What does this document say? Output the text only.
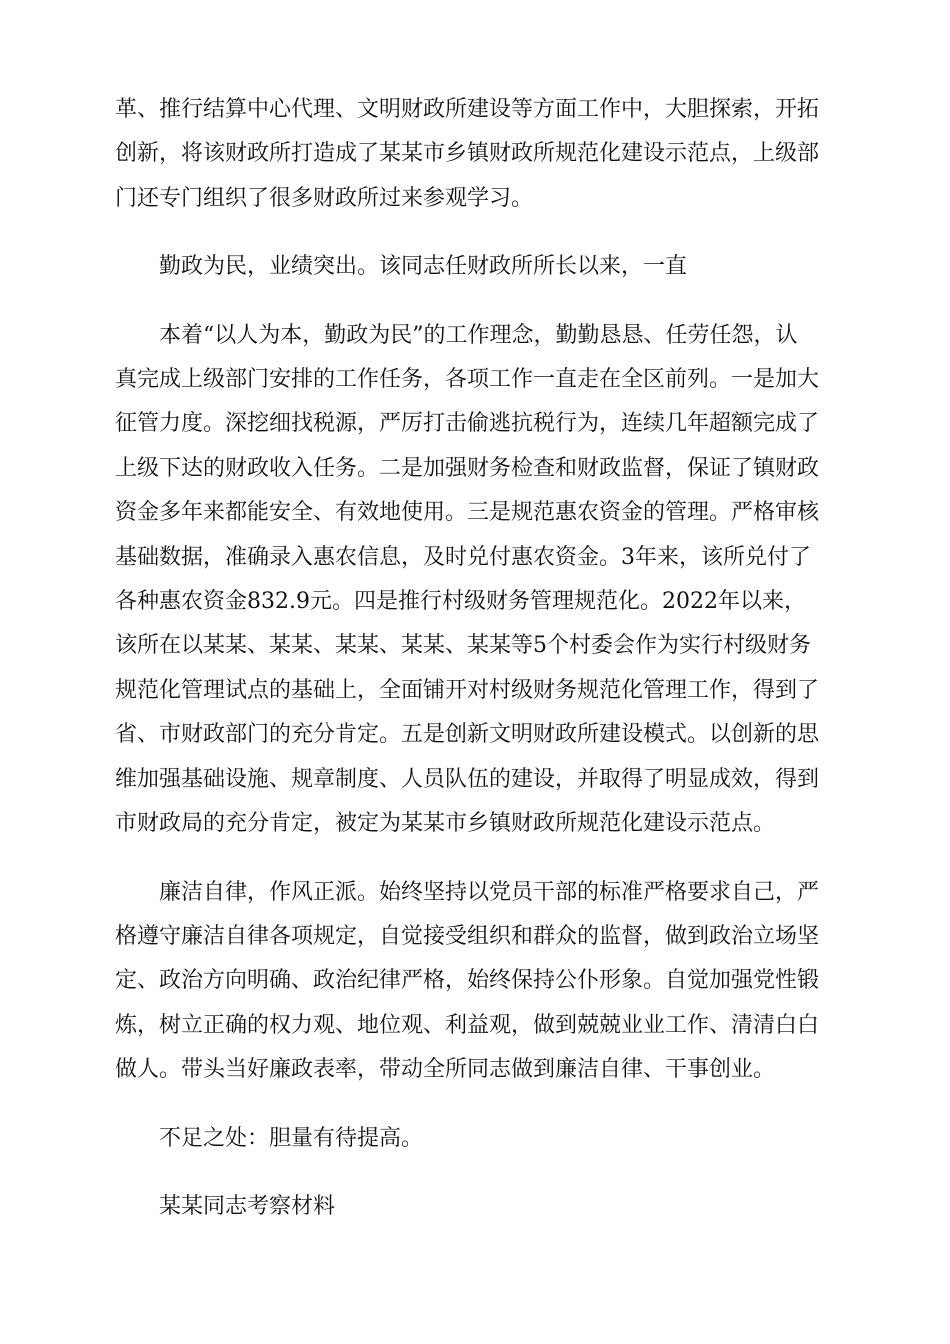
革、推行结算中心代理、文明财政所建设等方面工作中，大胆探索，开拓
创新，将该财政所打造成了某某市乡镇财政所规范化建设示范点，上级部
门还专门组织了很多财政所过来参观学习。
勤政为民，业绩突出。该同志任财政所所长以来，一直
本着“以人为本，勤政为民”的工作理念，勤勤恳恳、任劳任怨，认
真完成上级部门安排的工作任务，各项工作一直走在全区前列。一是加大
征管力度。深挖细找税源，严厉打击偷逃抗税行为，连续几年超额完成了
上级下达的财政收入任务。二是加强财务检查和财政监督，保证了镇财政
资金多年来都能安全、有效地使用。三是规范惠农资金的管理。严格审核
基础数据，准确录入惠农信息，及时兑付惠农资金。3年来，该所兑付了
各种惠农资金832.9元。四是推行村级财务管理规范化。2022年以来，
该所在以某某、某某、某某、某某、某某等5个村委会作为实行村级财务
规范化管理试点的基础上，全面铺开对村级财务规范化管理工作，得到了
省、市财政部门的充分肯定。五是创新文明财政所建设模式。以创新的思
维加强基础设施、规章制度、人员队伍的建设，并取得了明显成效，得到
市财政局的充分肯定，被定为某某市乡镇财政所规范化建设示范点。
廉洁自律，作风正派。始终坚持以党员干部的标准严格要求自己，严
格遵守廉洁自律各项规定，自觉接受组织和群众的监督，做到政治立场坚
定、政治方向明确、政治纪律严格，始终保持公仆形象。自觉加强党性锻
炼，树立正确的权力观、地位观、利益观，做到兢兢业业工作、清清白白
做人。带头当好廉政表率，带动全所同志做到廉洁自律、干事创业。
不足之处：胆量有待提高。
某某同志考察材料
